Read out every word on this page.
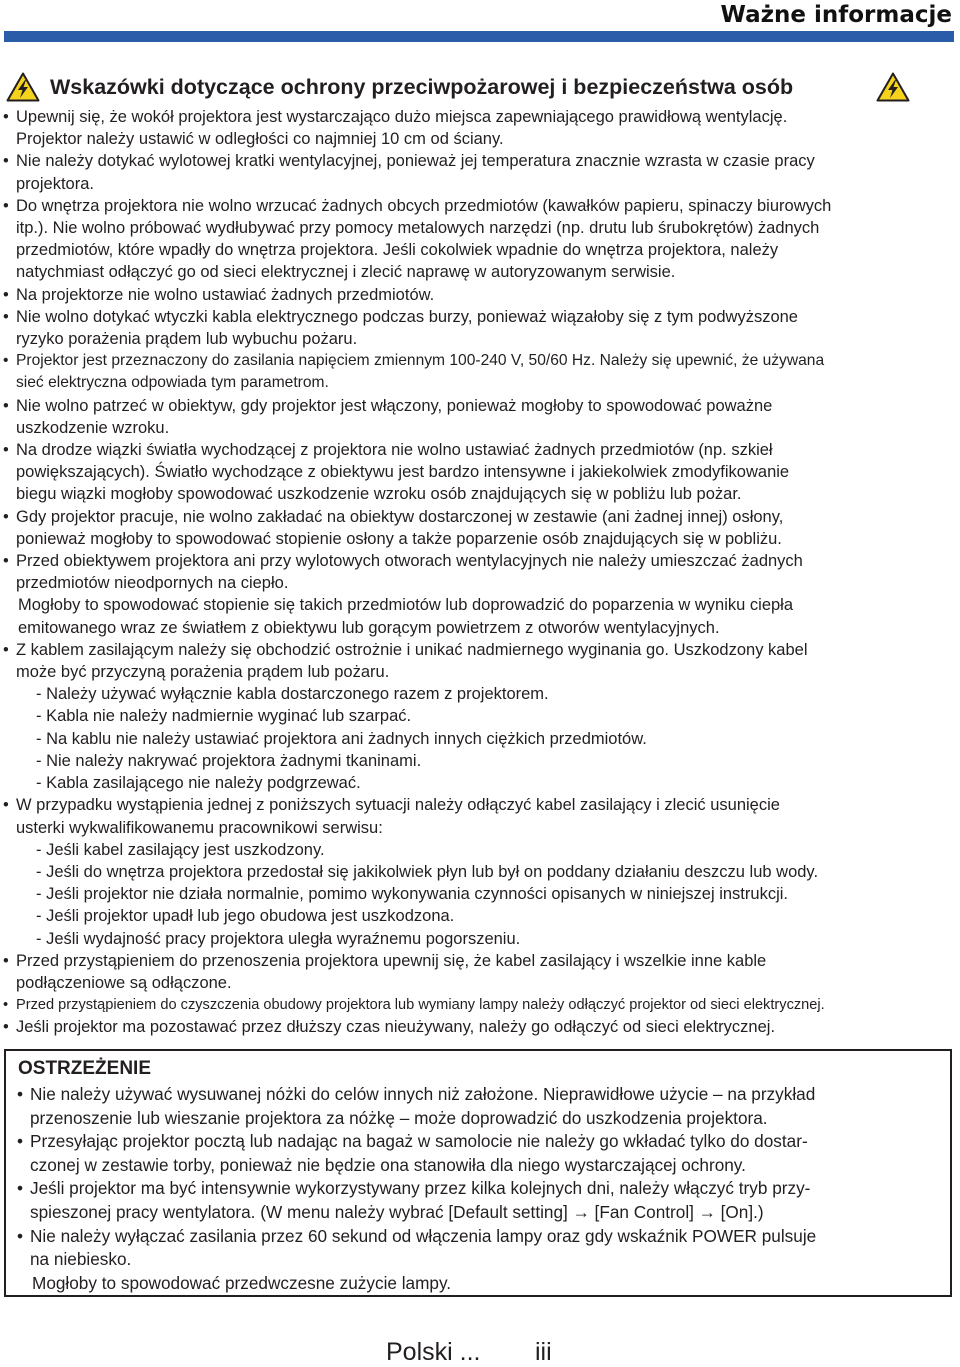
Ważne informacje
Wskazówki dotyczące ochrony przeciwpożarowej i bezpieczeństwa osób
• Upewnij się, że wokół projektora jest wystarczająco dużo miejsca zapewniającego prawidłową wentylację.
Projektor należy ustawić w odległości co najmniej 10 cm od ściany.
• Nie należy dotykać wylotowej kratki wentylacyjnej, ponieważ jej temperatura znacznie wzrasta w czasie pracy
projektora.
• Do wnętrza projektora nie wolno wrzucać żadnych obcych przedmiotów (kawałków papieru, spinaczy biurowych
itp.). Nie wolno próbować wydłubywać przy pomocy metalowych narzędzi (np. drutu lub śrubokrętów) żadnych
przedmiotów, które wpadły do wnętrza projektora. Jeśli cokolwiek wpadnie do wnętrza projektora, należy
natychmiast odłączyć go od sieci elektrycznej i zlecić naprawę w autoryzowanym serwisie.
• Na projektorze nie wolno ustawiać żadnych przedmiotów.
• Nie wolno dotykać wtyczki kabla elektrycznego podczas burzy, ponieważ wiązałoby się z tym podwyższone
ryzyko porażenia prądem lub wybuchu pożaru.
• Projektor jest przeznaczony do zasilania napięciem zmiennym 100-240 V, 50/60 Hz. Należy się upewnić, że używana
sieć elektryczna odpowiada tym parametrom.
• Nie wolno patrzeć w obiektyw, gdy projektor jest włączony, ponieważ mogłoby to spowodować poważne
uszkodzenie wzroku.
• Na drodze wiązki światła wychodzącej z projektora nie wolno ustawiać żadnych przedmiotów (np. szkieł
powiększających). Światło wychodzące z obiektywu jest bardzo intensywne i jakiekolwiek zmodyfikowanie
biegu wiązki mogłoby spowodować uszkodzenie wzroku osób znajdujących się w pobliżu lub pożar.
• Gdy projektor pracuje, nie wolno zakładać na obiektyw dostarczonej w zestawie (ani żadnej innej) osłony,
ponieważ mogłoby to spowodować stopienie osłony a także poparzenie osób znajdujących się w pobliżu.
• Przed obiektywem projektora ani przy wylotowych otworach wentylacyjnych nie należy umieszczać żadnych
przedmiotów nieodpornych na ciepło.
Mogłoby to spowodować stopienie się takich przedmiotów lub doprowadzić do poparzenia w wyniku ciepła
emitowanego wraz ze światłem z obiektywu lub gorącym powietrzem z otworów wentylacyjnych.
• Z kablem zasilającym należy się obchodzić ostrożnie i unikać nadmiernego wyginania go. Uszkodzony kabel
może być przyczyną porażenia prądem lub pożaru.
- Należy używać wyłącznie kabla dostarczonego razem z projektorem.
- Kabla nie należy nadmiernie wyginać lub szarpać.
- Na kablu nie należy ustawiać projektora ani żadnych innych ciężkich przedmiotów.
- Nie należy nakrywać projektora żadnymi tkaninami.
- Kabla zasilającego nie należy podgrzewać.
• W przypadku wystąpienia jednej z poniższych sytuacji należy odłączyć kabel zasilający i zlecić usunięcie
usterki wykwalifikowanemu pracownikowi serwisu:
- Jeśli kabel zasilający jest uszkodzony.
- Jeśli do wnętrza projektora przedostał się jakikolwiek płyn lub był on poddany działaniu deszczu lub wody.
- Jeśli projektor nie działa normalnie, pomimo wykonywania czynności opisanych w niniejszej instrukcji.
- Jeśli projektor upadł lub jego obudowa jest uszkodzona.
- Jeśli wydajność pracy projektora uległa wyraźnemu pogorszeniu.
• Przed przystąpieniem do przenoszenia projektora upewnij się, że kabel zasilający i wszelkie inne kable
podłączeniowe są odłączone.
• Przed przystąpieniem do czyszczenia obudowy projektora lub wymiany lampy należy odłączyć projektor od sieci elektrycznej.
• Jeśli projektor ma pozostawać przez dłuższy czas nieużywany, należy go odłączyć od sieci elektrycznej.
OSTRZEŻENIE
• Nie należy używać wysuwanej nóżki do celów innych niż założone. Nieprawidłowe użycie – na przykład
przenoszenie lub wieszanie projektora za nóżkę – może doprowadzić do uszkodzenia projektora.
• Przesyłając projektor pocztą lub nadając na bagaż w samolocie nie należy go wkładać tylko do dostar-
czonej w zestawie torby, ponieważ nie będzie ona stanowiła dla niego wystarczającej ochrony.
• Jeśli projektor ma być intensywnie wykorzystywany przez kilka kolejnych dni, należy włączyć tryb przy-
spieszonej pracy wentylatora. (W menu należy wybrać [Default setting] → [Fan Control] → [On].)
• Nie należy wyłączać zasilania przez 60 sekund od włączenia lampy oraz gdy wskaźnik POWER pulsuje
na niebiesko.
Mogłoby to spowodować przedwczesne zużycie lampy.
Polski ... iii
